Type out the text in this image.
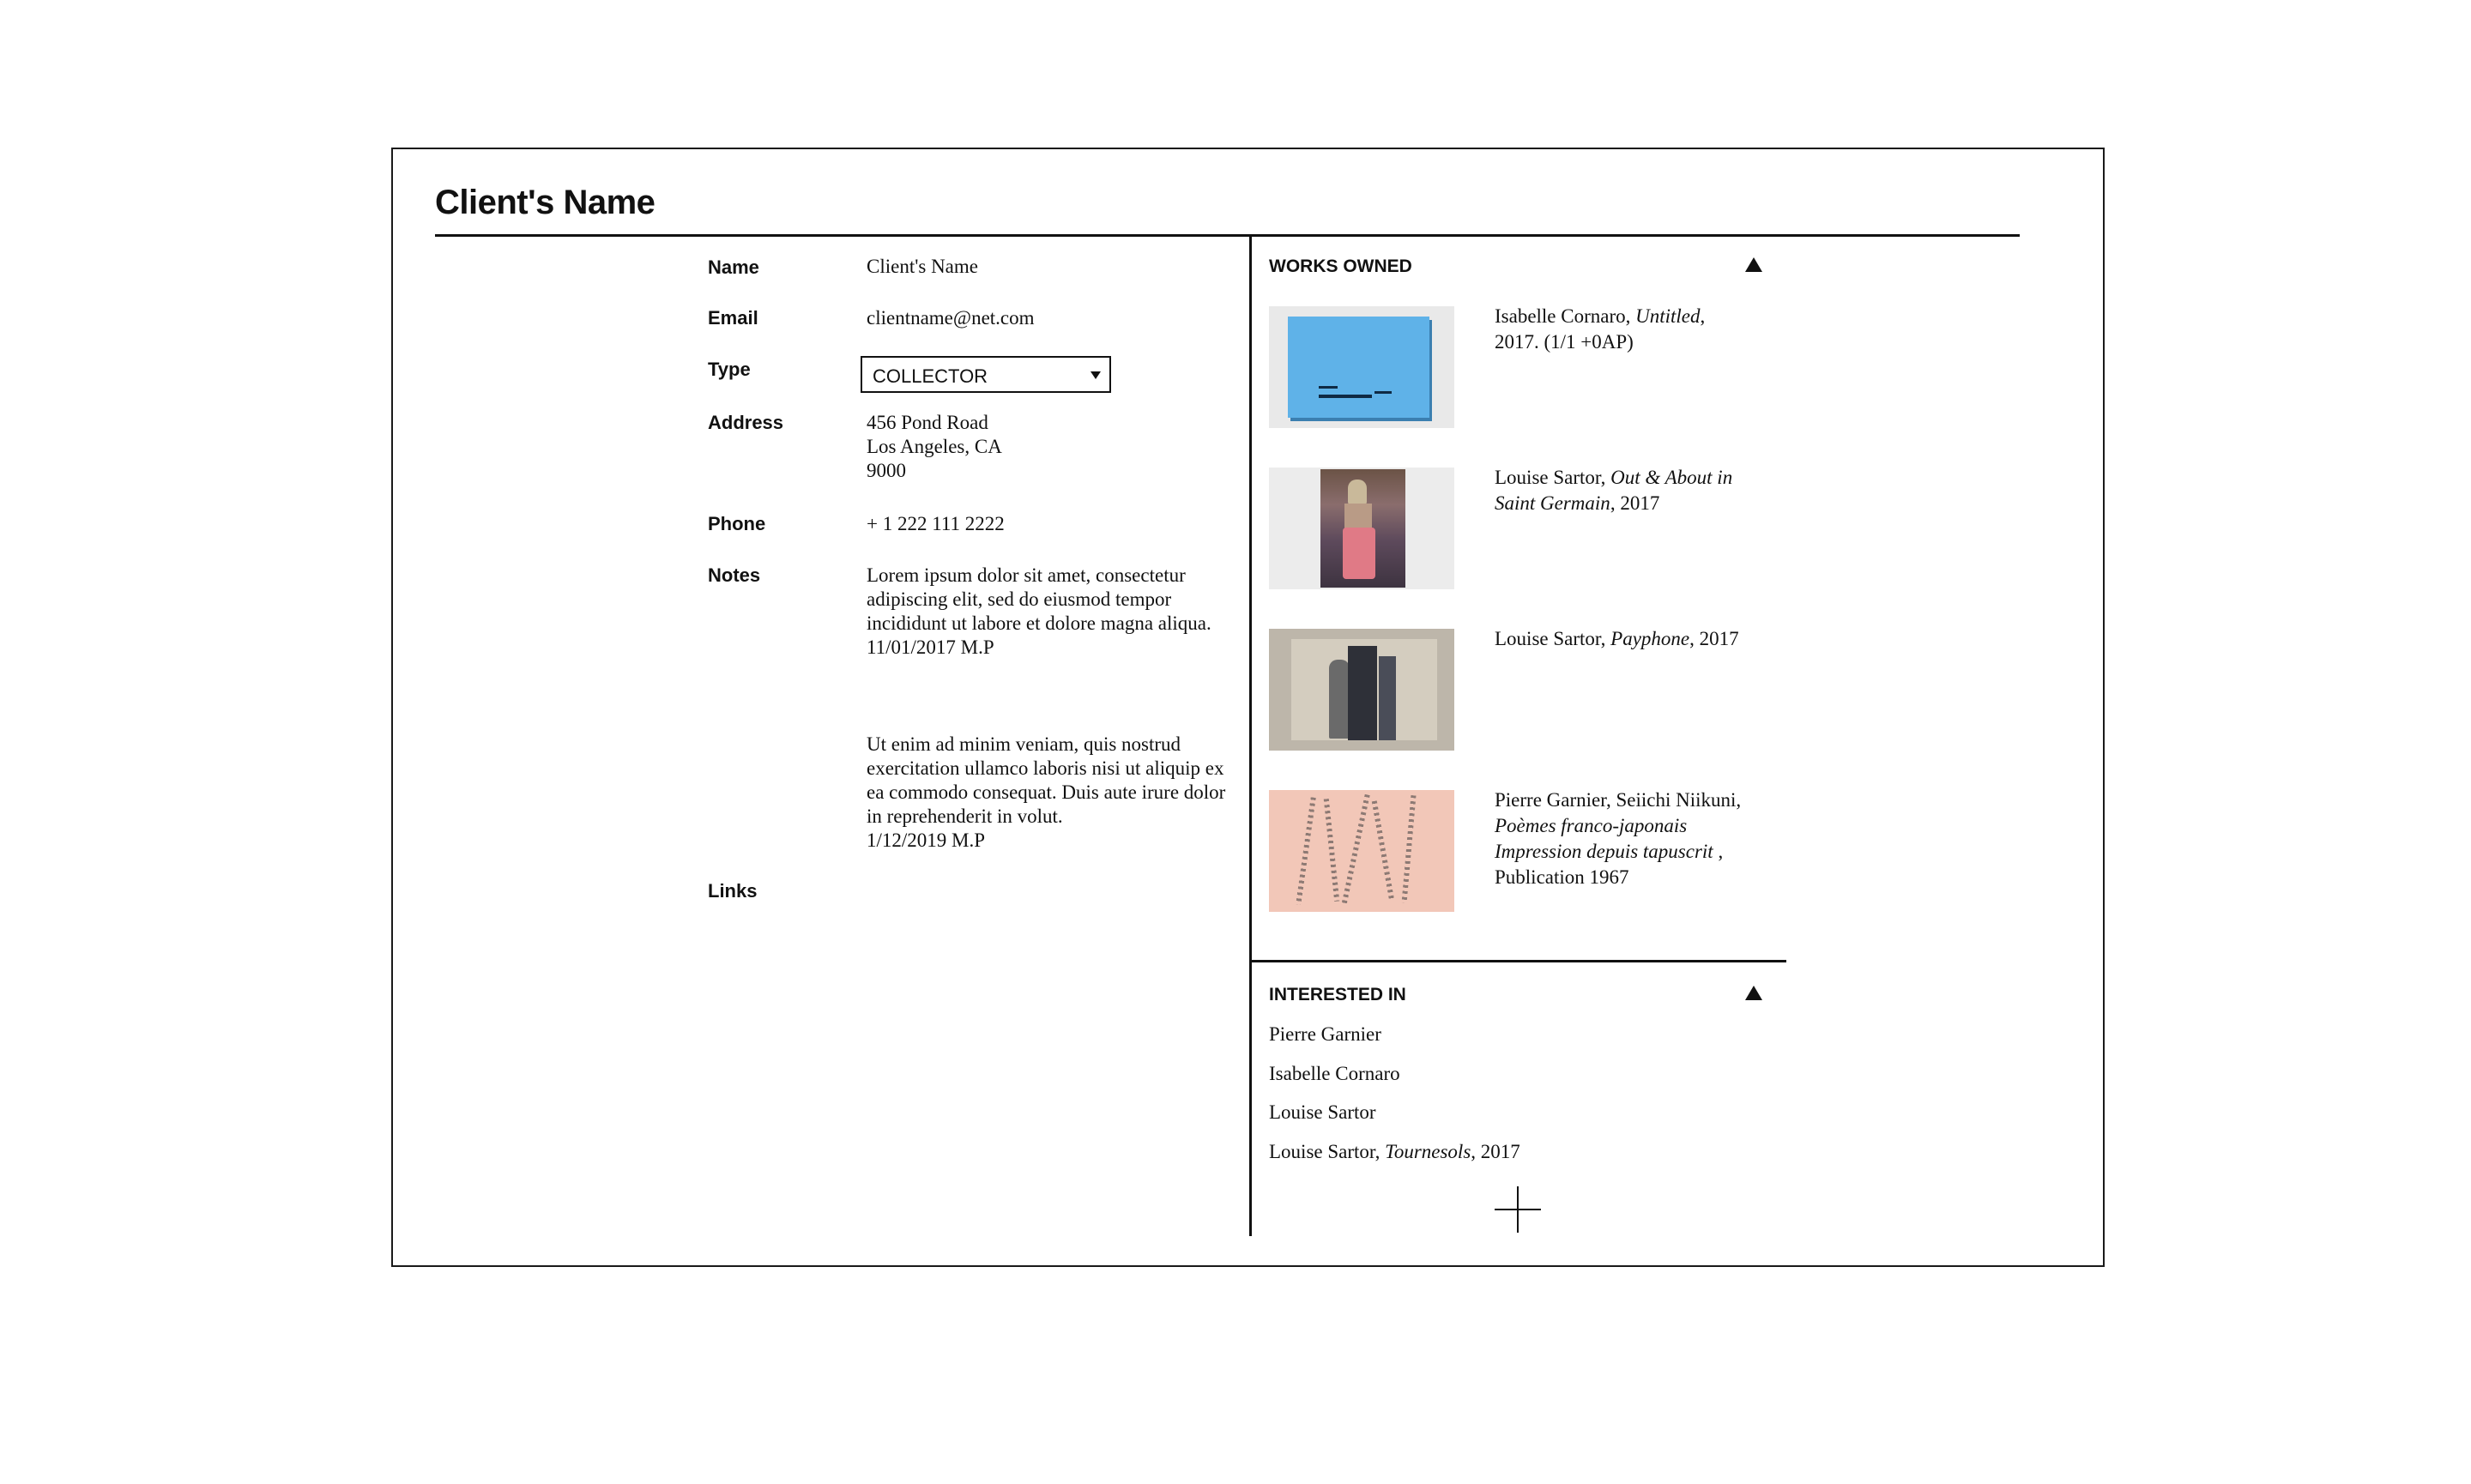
Client's Name
Name	Client's Name
Email	clientname@net.com
Type	COLLECTOR
Address	456 Pond Road
Los Angeles, CA
9000
Phone	+ 1 222 111 2222
Notes	Lorem ipsum dolor sit amet, consectetur adipiscing elit, sed do eiusmod tempor incididunt ut labore et dolore magna aliqua.
11/01/2017 M.P
Ut enim ad minim veniam, quis nostrud exercitation ullamco laboris nisi ut aliquip ex ea commodo consequat. Duis aute irure dolor in reprehenderit in volut.
1/12/2019 M.P
Links
WORKS OWNED
Isabelle Cornaro, Untitled, 2017. (1/1 +0AP)
Louise Sartor, Out & About in Saint Germain, 2017
Louise Sartor, Payphone, 2017
Pierre Garnier, Seiichi Niikuni, Poèmes franco-japonais Impression depuis tapuscrit , Publication 1967
INTERESTED IN
Pierre Garnier
Isabelle Cornaro
Louise Sartor
Louise Sartor, Tournesols, 2017
